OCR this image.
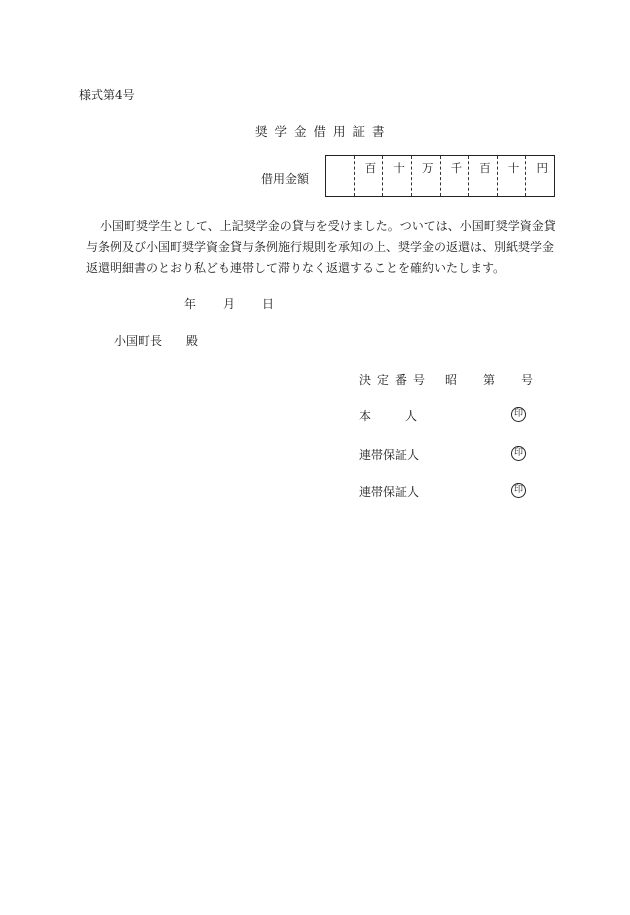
様式第4号
奨学金借用証書
借用金額
百 十 万 千 百 十 円

小国町奨学生として、上記奨学金の貸与を受けました。ついては、小国町奨学資金貸

与条例及び小国町奨学資金貸与条例施行規則を承知の上、奨学金の返還は、別紙奨学金

返還明細書のとおり私ども連帯して滞りなく返還することを確約いたします。

年 月 日
小国町長 殿
決定番号 昭 第 号
本	人	印
連帯保証人	印
連帯保証人	印
